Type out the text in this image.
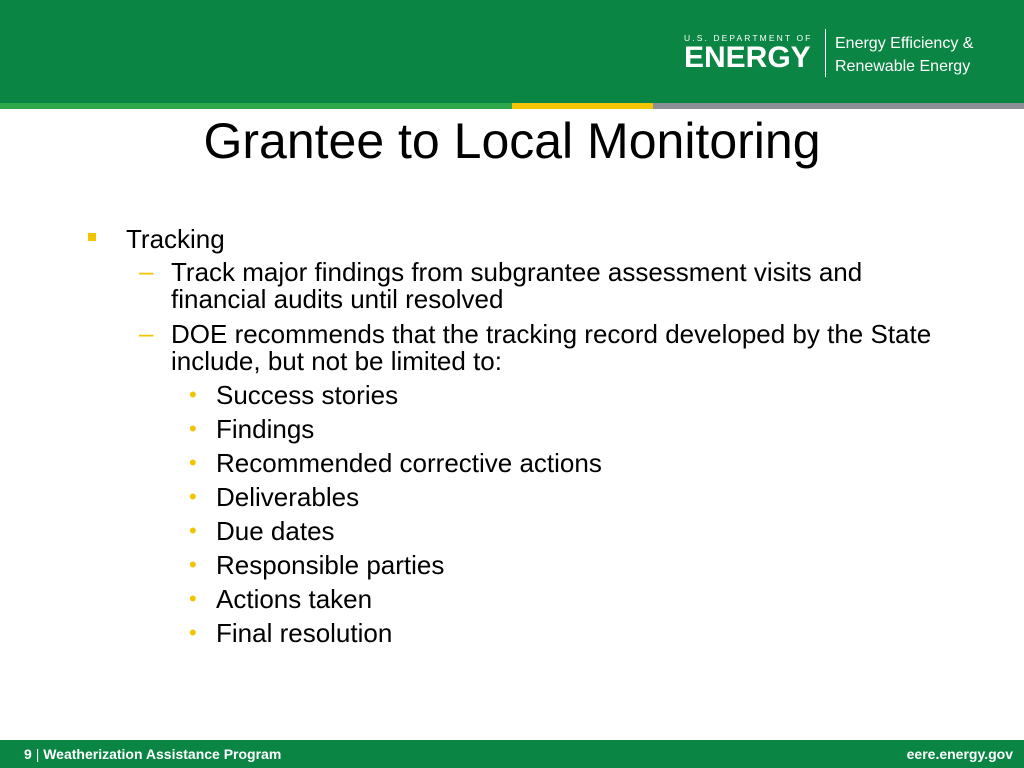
U.S. DEPARTMENT OF
ENERGY Energy Efficiency &
Renewable Energy
Grantee to Local Monitoring
Tracking
– Track major findings from subgrantee assessment visits and financial audits until resolved
– DOE recommends that the tracking record developed by the State include, but not be limited to:
• Success stories
• Findings
• Recommended corrective actions
• Deliverables
• Due dates
• Responsible parties
• Actions taken
• Final resolution
9 | Weatherization Assistance Program	eere.energy.gov
